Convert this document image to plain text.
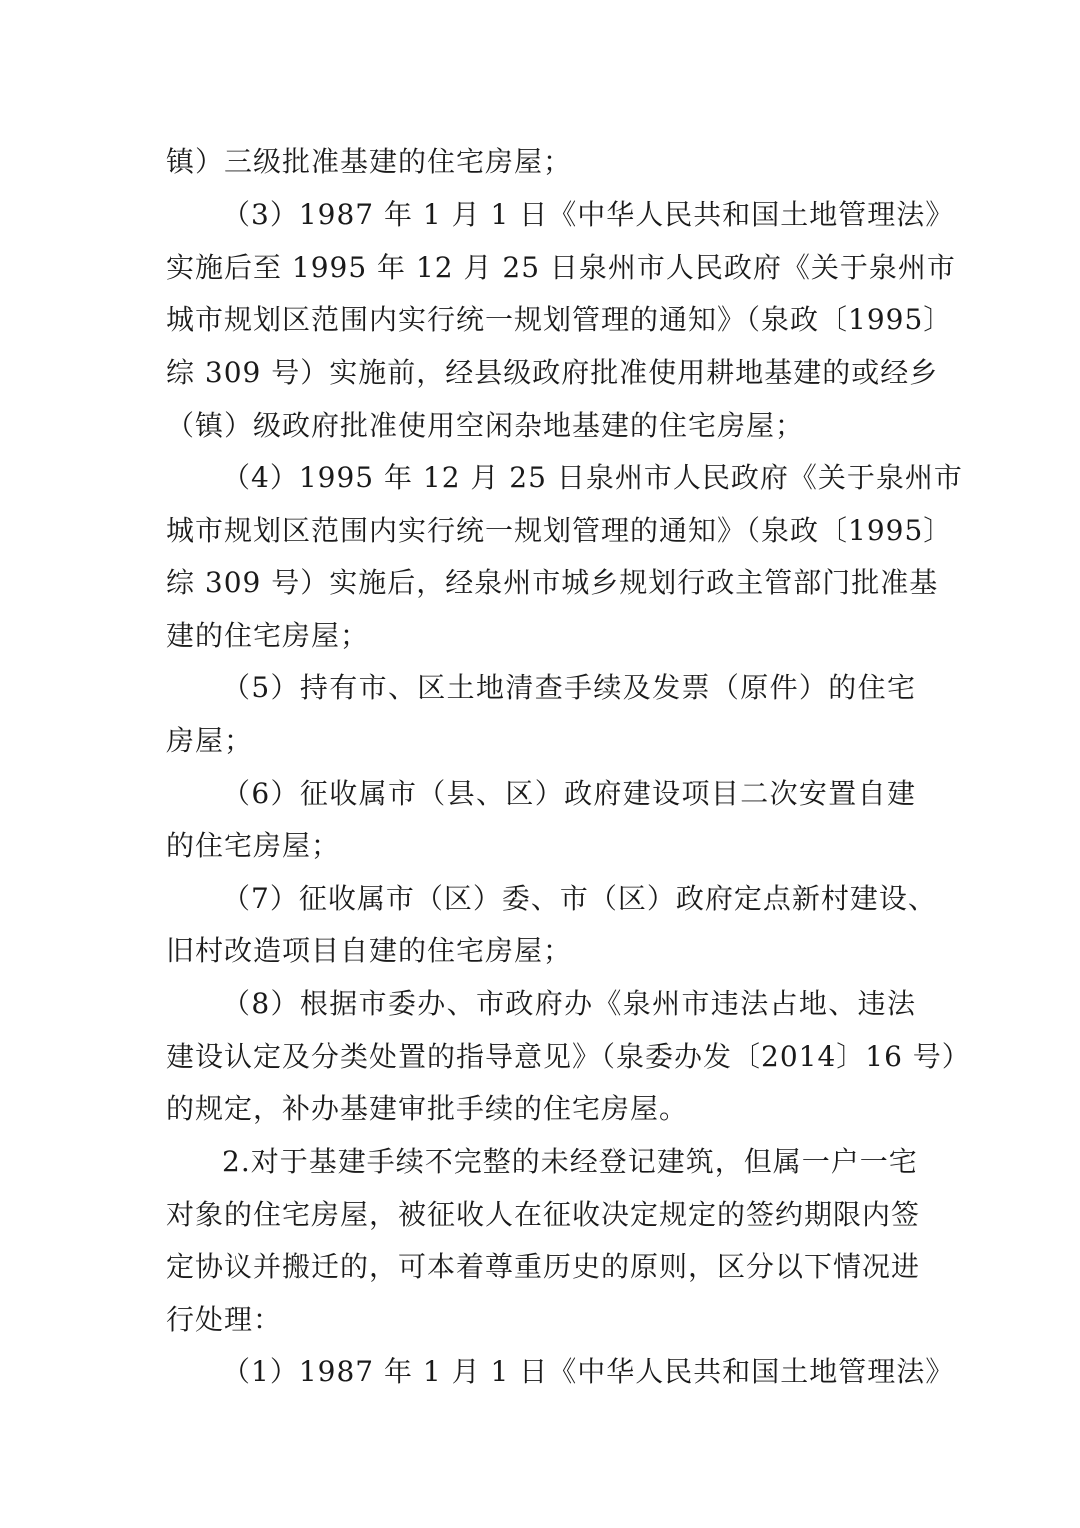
镇）三级批准基建的住宅房屋；
（3）1987 年 1 月 1 日《中华人民共和国土地管理法》
实施后至 1995 年 12 月 25 日泉州市人民政府《关于泉州市
城市规划区范围内实行统一规划管理的通知》（泉政〔1995〕
综 309 号）实施前，经县级政府批准使用耕地基建的或经乡
（镇）级政府批准使用空闲杂地基建的住宅房屋；
（4）1995 年 12 月 25 日泉州市人民政府《关于泉州市
城市规划区范围内实行统一规划管理的通知》（泉政〔1995〕
综 309 号）实施后，经泉州市城乡规划行政主管部门批准基
建的住宅房屋；
（5）持有市、区土地清查手续及发票（原件）的住宅
房屋；
（6）征收属市（县、区）政府建设项目二次安置自建
的住宅房屋；
（7）征收属市（区）委、市（区）政府定点新村建设、
旧村改造项目自建的住宅房屋；
（8）根据市委办、市政府办《泉州市违法占地、违法
建设认定及分类处置的指导意见》（泉委办发〔2014〕16 号）
的规定，补办基建审批手续的住宅房屋。
2.对于基建手续不完整的未经登记建筑，但属一户一宅
对象的住宅房屋，被征收人在征收决定规定的签约期限内签
定协议并搬迁的，可本着尊重历史的原则，区分以下情况进
行处理：
（1）1987 年 1 月 1 日《中华人民共和国土地管理法》
